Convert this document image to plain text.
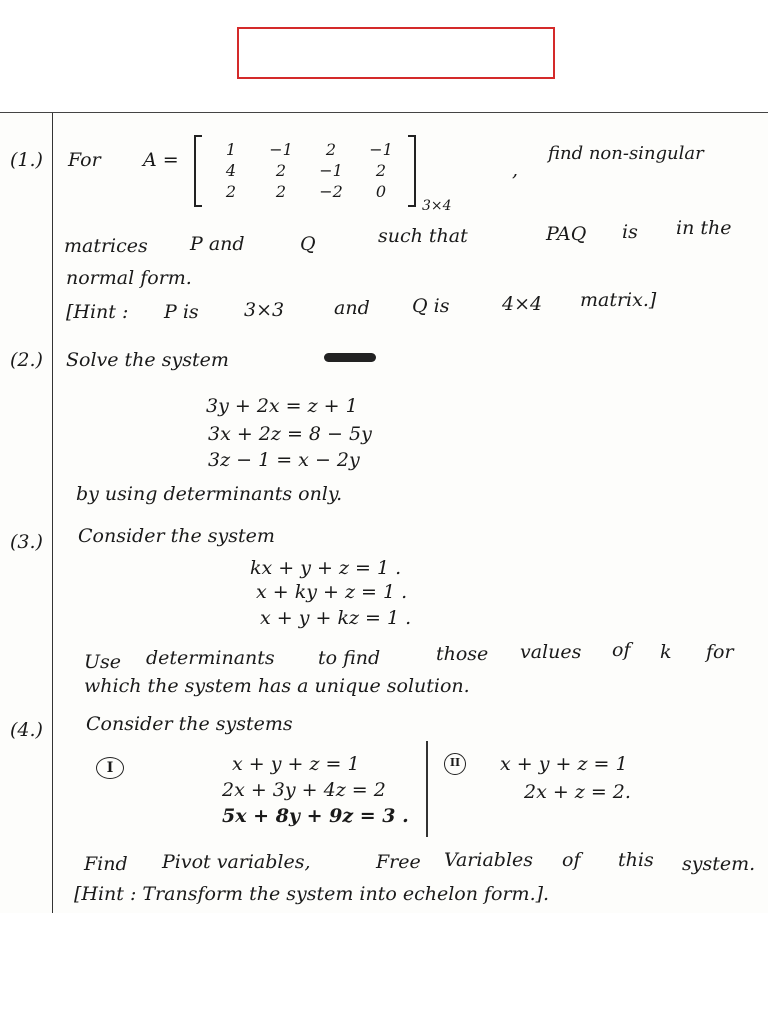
(1.) For A =	1	−1	2	−1
4	2	−1	2
2	2	−2	0
3×4
,
find non-singular
matrices P and	Q	such that	PAQ is in the
normal form.
[Hint : P is 3×3	and Q is	4×4 matrix.]
(2.) Solve the system
3y + 2x = z + 1
3x + 2z = 8 − 5y
3z − 1 = x − 2y
by using determinants only.
(3.) Consider the system
kx + y + z = 1 .
x + ky + z = 1 .
x + y + kz = 1 .
Use determinants to find	those values of k for
which the system has a unique solution.
(4.) Consider the systems
I	x + y + z = 1
2x + 3y + 4z = 2
5x + 8y + 9z = 3 .
II	x + y + z = 1
2x + z = 2.
Find Pivot variables,	Free Variables of this system.
[Hint : Transform the system into echelon form.].
